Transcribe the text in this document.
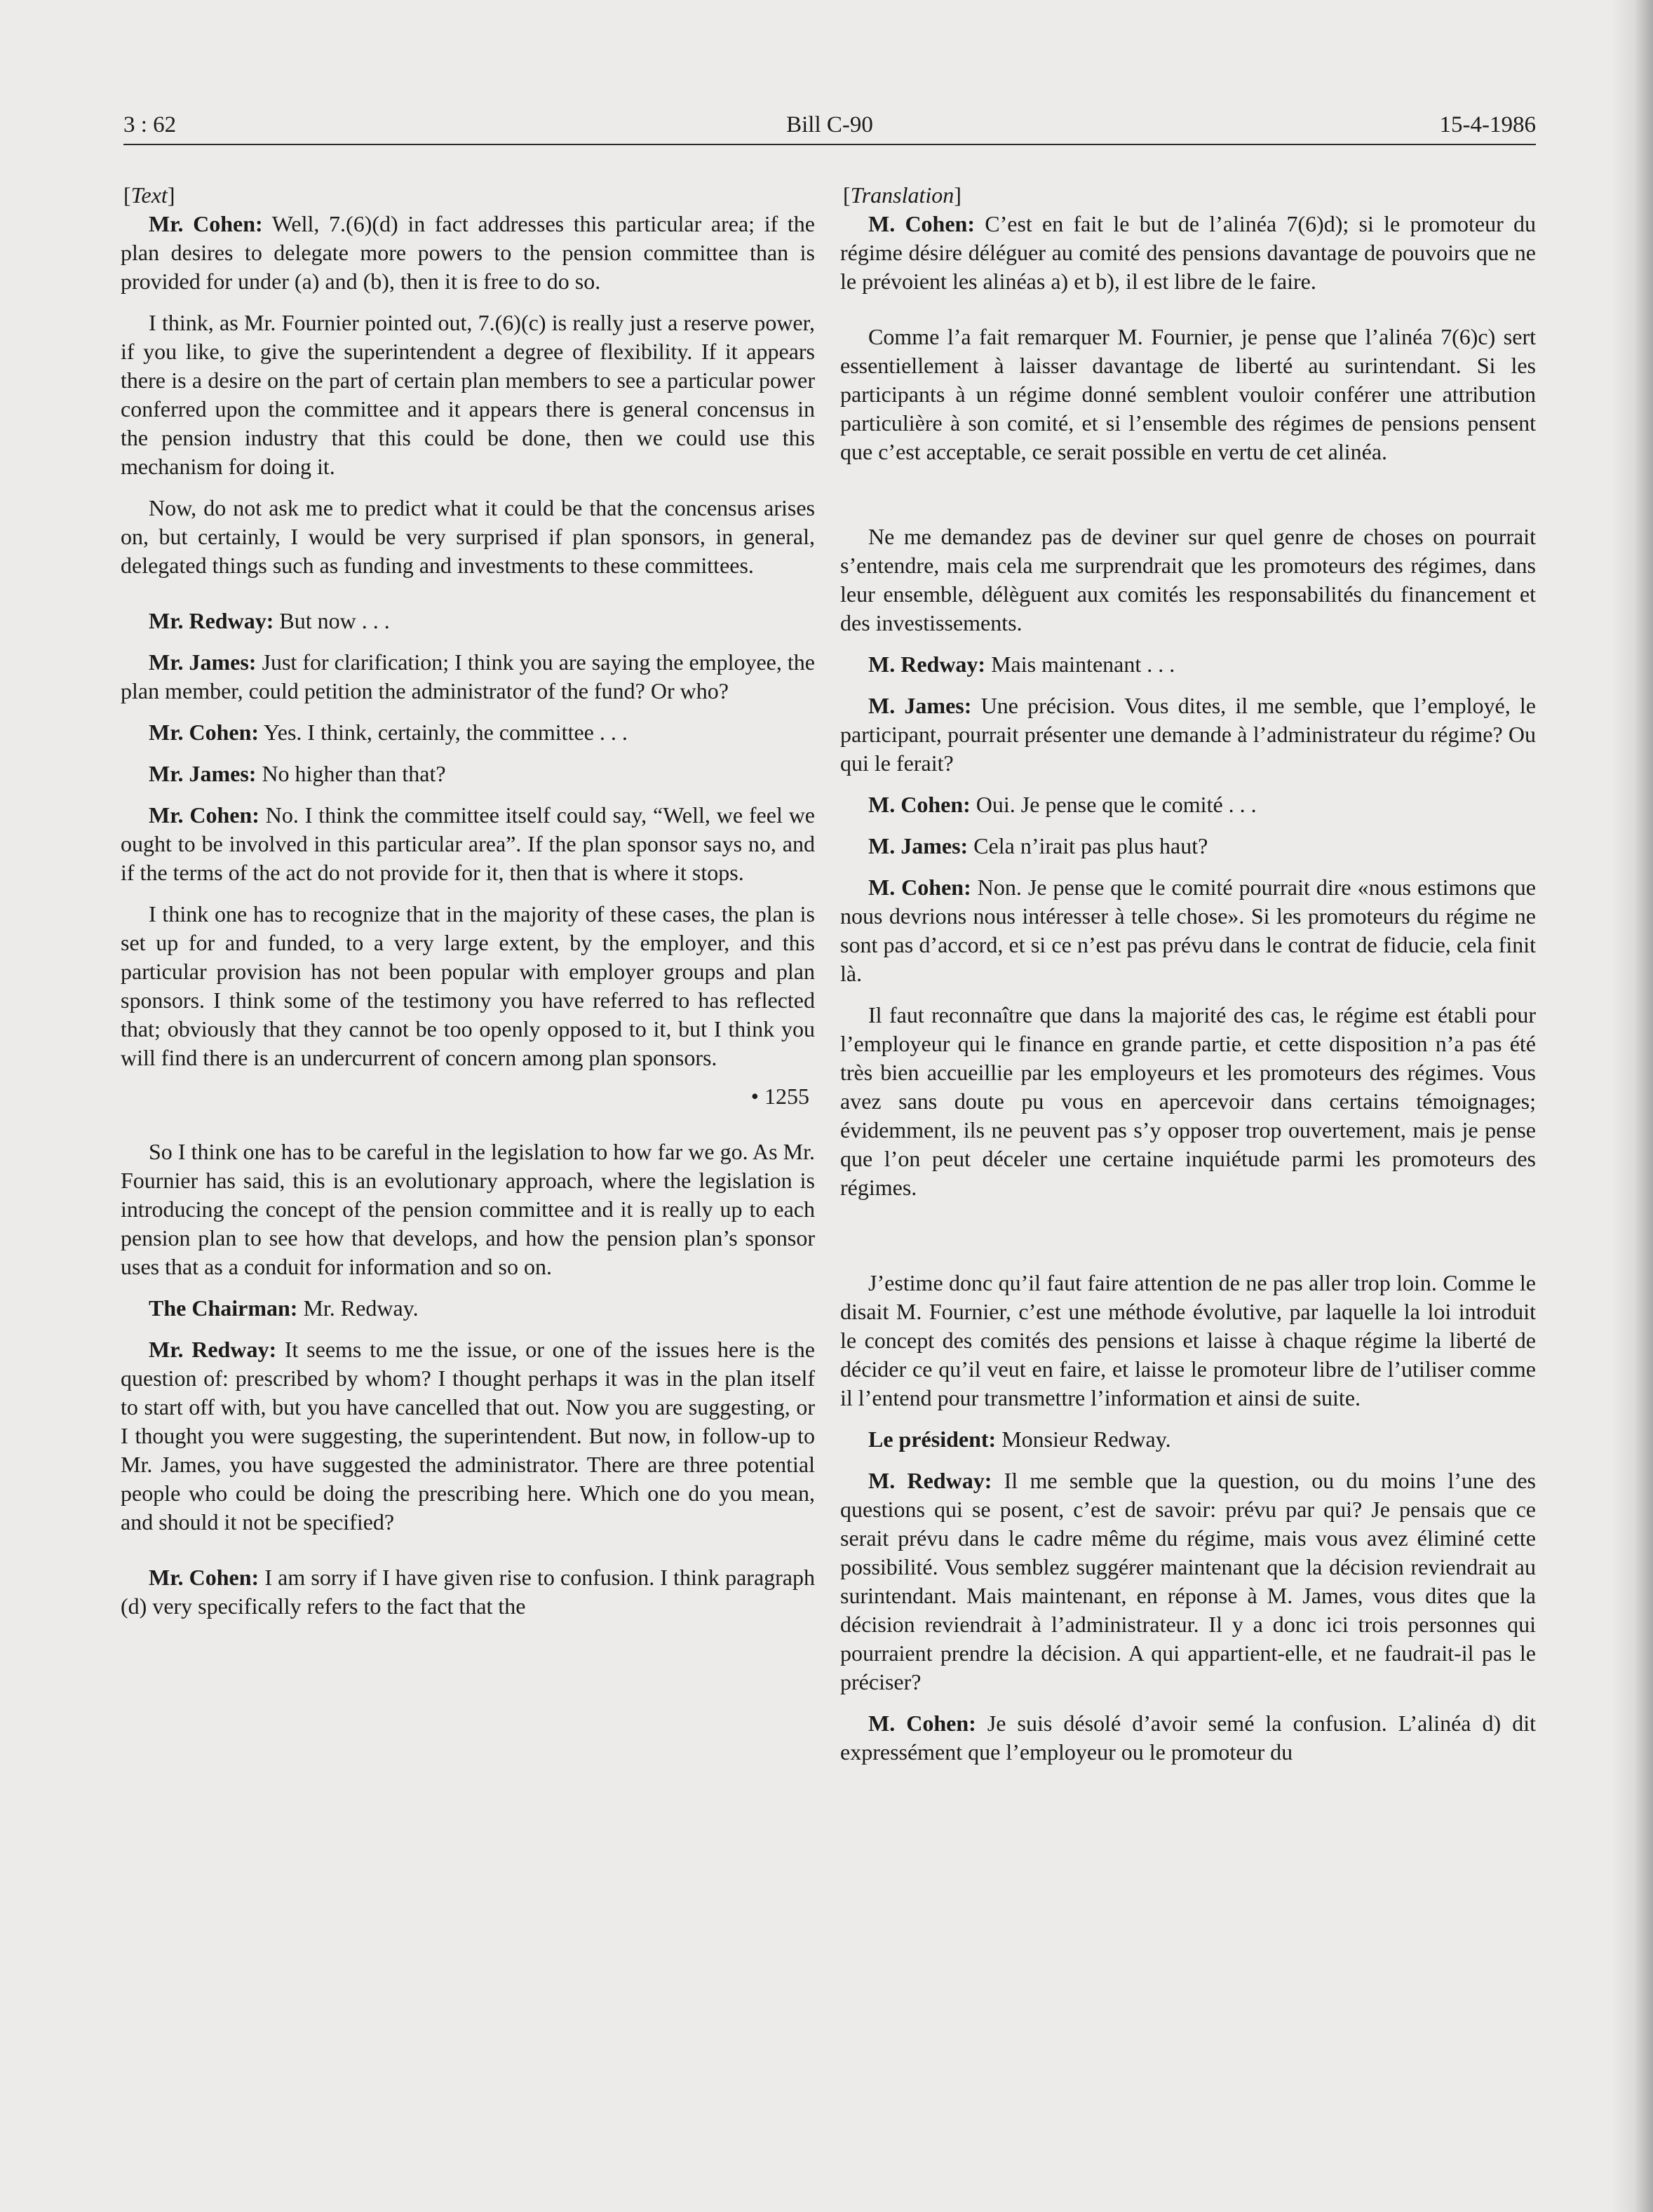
3 : 62	Bill C-90	15-4-1986

[Text]

Mr. Cohen: Well, 7.(6)(d) in fact addresses this particular area; if the plan desires to delegate more powers to the pension committee than is provided for under (a) and (b), then it is free to do so.

I think, as Mr. Fournier pointed out, 7.(6)(c) is really just a reserve power, if you like, to give the superintendent a degree of flexibility. If it appears there is a desire on the part of certain plan members to see a particular power conferred upon the committee and it appears there is general concensus in the pension industry that this could be done, then we could use this mechanism for doing it.

Now, do not ask me to predict what it could be that the concensus arises on, but certainly, I would be very surprised if plan sponsors, in general, delegated things such as funding and investments to these committees.

Mr. Redway: But now . . .

Mr. James: Just for clarification; I think you are saying the employee, the plan member, could petition the administrator of the fund? Or who?

Mr. Cohen: Yes. I think, certainly, the committee . . .

Mr. James: No higher than that?

Mr. Cohen: No. I think the committee itself could say, “Well, we feel we ought to be involved in this particular area”. If the plan sponsor says no, and if the terms of the act do not provide for it, then that is where it stops.

I think one has to recognize that in the majority of these cases, the plan is set up for and funded, to a very large extent, by the employer, and this particular provision has not been popular with employer groups and plan sponsors. I think some of the testimony you have referred to has reflected that; obviously that they cannot be too openly opposed to it, but I think you will find there is an undercurrent of concern among plan sponsors.

• 1255

So I think one has to be careful in the legislation to how far we go. As Mr. Fournier has said, this is an evolutionary approach, where the legislation is introducing the concept of the pension committee and it is really up to each pension plan to see how that develops, and how the pension plan’s sponsor uses that as a conduit for information and so on.

The Chairman: Mr. Redway.

Mr. Redway: It seems to me the issue, or one of the issues here is the question of: prescribed by whom? I thought perhaps it was in the plan itself to start off with, but you have cancelled that out. Now you are suggesting, or I thought you were suggesting, the superintendent. But now, in follow-up to Mr. James, you have suggested the administrator. There are three potential people who could be doing the prescribing here. Which one do you mean, and should it not be specified?

Mr. Cohen: I am sorry if I have given rise to confusion. I think paragraph (d) very specifically refers to the fact that the

[Translation]

M. Cohen: C’est en fait le but de l’alinéa 7(6)d); si le promoteur du régime désire déléguer au comité des pensions davantage de pouvoirs que ne le prévoient les alinéas a) et b), il est libre de le faire.

Comme l’a fait remarquer M. Fournier, je pense que l’alinéa 7(6)c) sert essentiellement à laisser davantage de liberté au surintendant. Si les participants à un régime donné semblent vouloir conférer une attribution particulière à son comité, et si l’ensemble des régimes de pensions pensent que c’est acceptable, ce serait possible en vertu de cet alinéa.

Ne me demandez pas de deviner sur quel genre de choses on pourrait s’entendre, mais cela me surprendrait que les promoteurs des régimes, dans leur ensemble, délèguent aux comités les responsabilités du financement et des investissements.

M. Redway: Mais maintenant . . .

M. James: Une précision. Vous dites, il me semble, que l’employé, le participant, pourrait présenter une demande à l’administrateur du régime? Ou qui le ferait?

M. Cohen: Oui. Je pense que le comité . . .

M. James: Cela n’irait pas plus haut?

M. Cohen: Non. Je pense que le comité pourrait dire «nous estimons que nous devrions nous intéresser à telle chose». Si les promoteurs du régime ne sont pas d’accord, et si ce n’est pas prévu dans le contrat de fiducie, cela finit là.

Il faut reconnaître que dans la majorité des cas, le régime est établi pour l’employeur qui le finance en grande partie, et cette disposition n’a pas été très bien accueillie par les employeurs et les promoteurs des régimes. Vous avez sans doute pu vous en apercevoir dans certains témoignages; évidemment, ils ne peuvent pas s’y opposer trop ouvertement, mais je pense que l’on peut déceler une certaine inquiétude parmi les promoteurs des régimes.

J’estime donc qu’il faut faire attention de ne pas aller trop loin. Comme le disait M. Fournier, c’est une méthode évolutive, par laquelle la loi introduit le concept des comités des pensions et laisse à chaque régime la liberté de décider ce qu’il veut en faire, et laisse le promoteur libre de l’utiliser comme il l’entend pour transmettre l’information et ainsi de suite.

Le président: Monsieur Redway.

M. Redway: Il me semble que la question, ou du moins l’une des questions qui se posent, c’est de savoir: prévu par qui? Je pensais que ce serait prévu dans le cadre même du régime, mais vous avez éliminé cette possibilité. Vous semblez suggérer maintenant que la décision reviendrait au surintendant. Mais maintenant, en réponse à M. James, vous dites que la décision reviendrait à l’administrateur. Il y a donc ici trois personnes qui pourraient prendre la décision. A qui appartient-elle, et ne faudrait-il pas le préciser?

M. Cohen: Je suis désolé d’avoir semé la confusion. L’alinéa d) dit expressément que l’employeur ou le promoteur du
